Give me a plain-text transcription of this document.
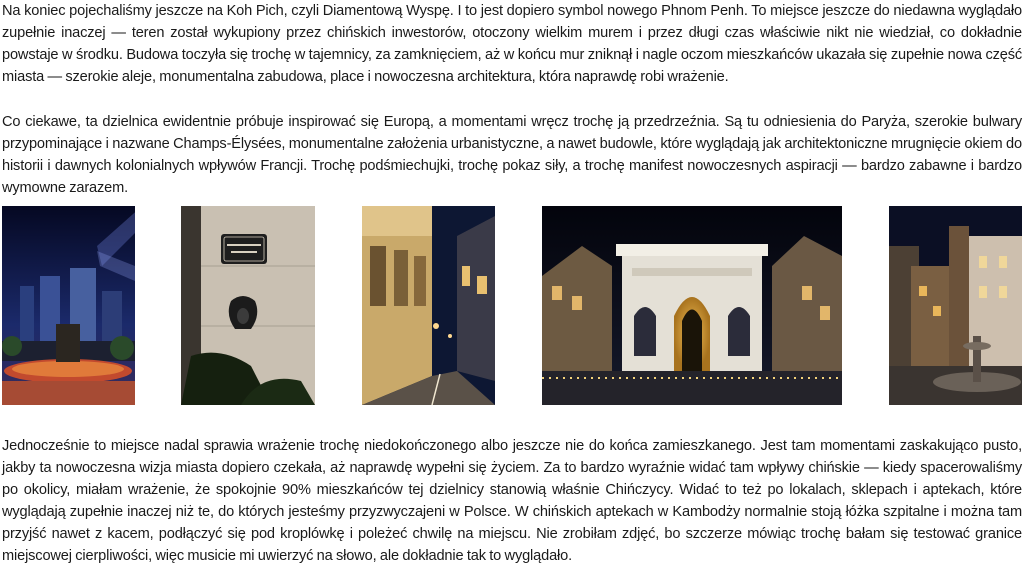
Na koniec pojechaliśmy jeszcze na Koh Pich, czyli Diamentową Wyspę. I to jest dopiero symbol nowego Phnom Penh. To miejsce jeszcze do niedawna wyglądało zupełnie inaczej — teren został wykupiony przez chińskich inwestorów, otoczony wielkim murem i przez długi czas właściwie nikt nie wiedział, co dokładnie powstaje w środku. Budowa toczyła się trochę w tajemnicy, za zamknięciem, aż w końcu mur zniknął i nagle oczom mieszkańców ukazała się zupełnie nowa część miasta — szerokie aleje, monumentalna zabudowa, place i nowoczesna architektura, która naprawdę robi wrażenie.

Co ciekawe, ta dzielnica ewidentnie próbuje inspirować się Europą, a momentami wręcz trochę ją przedrzeźnia. Są tu odniesienia do Paryża, szerokie bulwary przypominające i nazwane Champs-Élysées, monumentalne założenia urbanistyczne, a nawet budowle, które wyglądają jak architektoniczne mrugnięcie okiem do historii i dawnych kolonialnych wpływów Francji. Trochę podśmiechujki, trochę pokaz siły, a trochę manifest nowoczesnych aspiracji — bardzo zabawne i bardzo wymowne zarazem.

Jednocześnie to miejsce nadal sprawia wrażenie trochę niedokończonego albo jeszcze nie do końca zamieszkanego. Jest tam momentami zaskakująco pusto, jakby ta nowoczesna wizja miasta dopiero czekała, aż naprawdę wypełni się życiem. Za to bardzo wyraźnie widać tam wpływy chińskie — kiedy spacerowaliśmy po okolicy, miałam wrażenie, że spokojnie 90% mieszkańców tej dzielnicy stanowią właśnie Chińczycy. Widać to też po lokalach, sklepach i aptekach, które wyglądają zupełnie inaczej niż te, do których jesteśmy przyzwyczajeni w Polsce. W chińskich aptekach w Kambodży normalnie stoją łóżka szpitalne i można tam przyjść nawet z kacem, podłączyć się pod kroplówkę i poleżeć chwilę na miejscu. Nie zrobiłam zdjęć, bo szczerze mówiąc trochę bałam się testować granice miejscowej cierpliwości, więc musicie mi uwierzyć na słowo, ale dokładnie tak to wyglądało.
